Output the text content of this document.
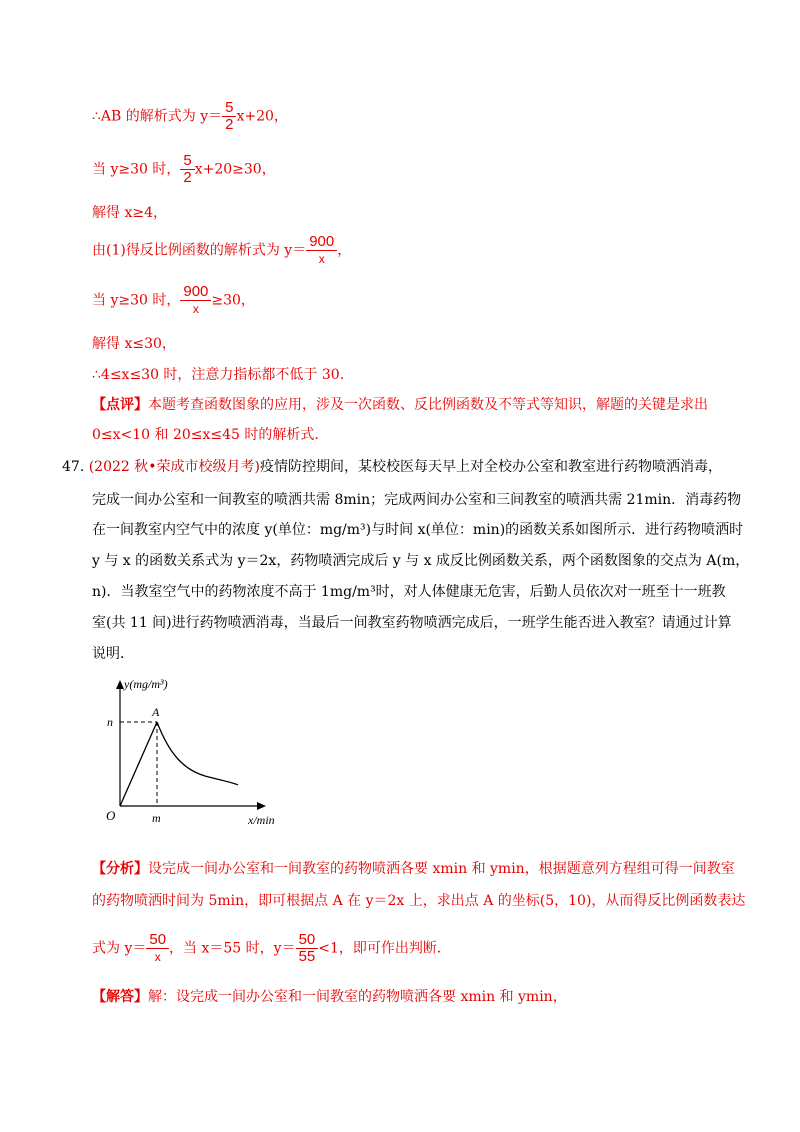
∴AB 的解析式为 $y= \frac{5}{2} x+20$，
当 y≥30 时， $\frac{5}{2} x+20\ge 30$，
解得 x≥4，
由(1)得反比例函数的解析式为 $y= \frac{900}{x}$ ，
当 y≥30 时， $\frac{900}{x} \ge 30$，
解得 x≤30，
∴4≤x≤30 时，注意力指标都不低于 30.
【点评】本题考查函数图象的应用，涉及一次函数、反比例函数及不等式等知识，解题的关键是求出
0≤x<10 和 20≤x≤45 时的解析式.
47. (2022 秋•荣成市校级月考)疫情防控期间，某校校医每天早上对全校办公室和教室进行药物喷洒消毒，
完成一间办公室和一间教室的喷洒共需 8min；完成两间办公室和三间教室的喷洒共需 21min．消毒药物
在一间教室内空气中的浓度 y(单位：mg/m³)与时间 x(单位：min)的函数关系如图所示．进行药物喷洒时
y 与 x 的函数关系式为 y＝2x，药物喷洒完成后 y 与 x 成反比例函数关系，两个函数图象的交点为 A(m，
n)．当教室空气中的药物浓度不高于 1mg/m³时，对人体健康无危害，后勤人员依次对一班至十一班教
室(共 11 间)进行药物喷洒消毒，当最后一间教室药物喷洒完成后，一班学生能否进入教室？请通过计算
说明．
y(mg/m³)
x/min
O
A
n
m
【分析】设完成一间办公室和一间教室的药物喷洒各要 xmin 和 ymin，根据题意列方程组可得一间教室
的药物喷洒时间为 5min，即可根据点 A 在 y＝2x 上，求出点 A 的坐标(5，10)，从而得反比例函数表达
式为 $y= \frac{50}{x}$ ，当 x＝55 时，$y= \frac{50}{55} <1$，即可作出判断．
【解答】解：设完成一间办公室和一间教室的药物喷洒各要 xmin 和 ymin，
